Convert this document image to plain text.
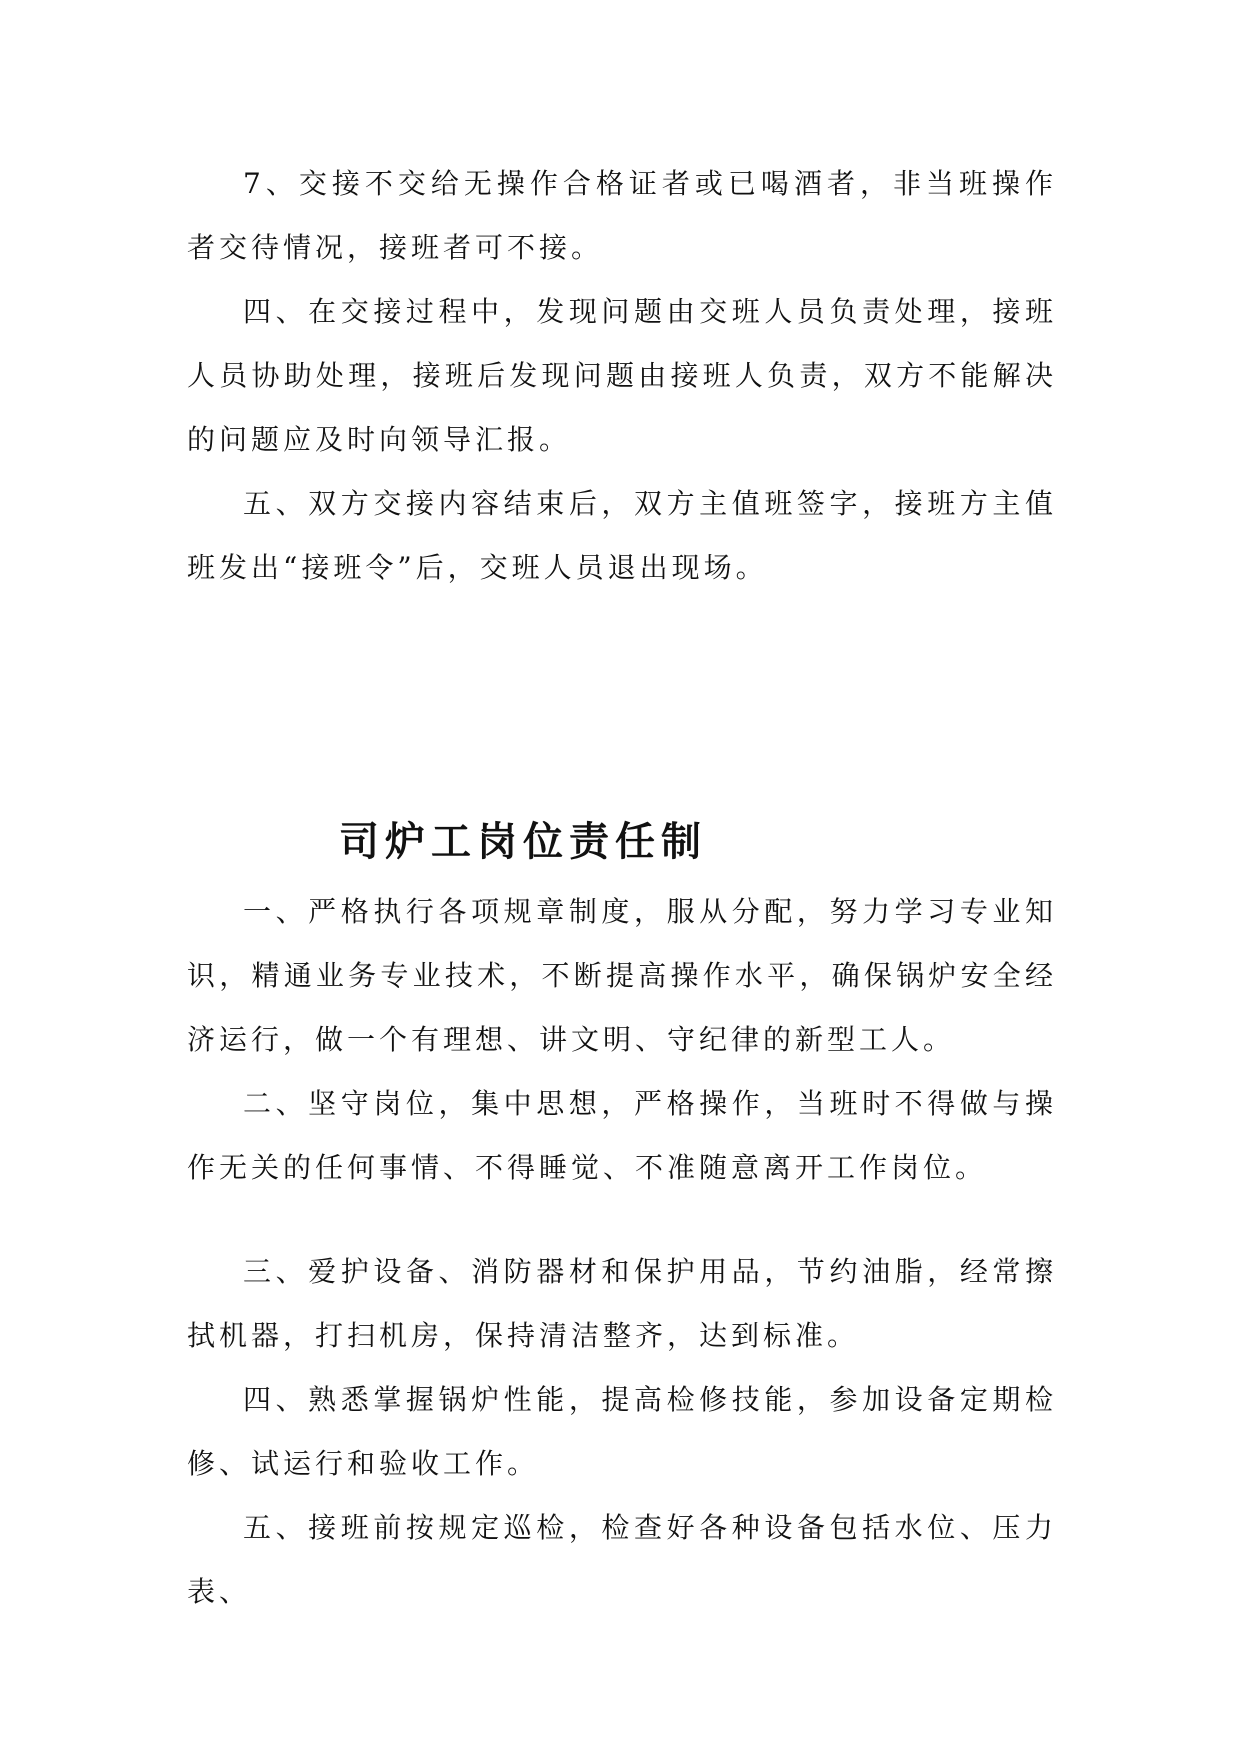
7、交接不交给无操作合格证者或已喝酒者，非当班操作者交待情况，接班者可不接。

四、在交接过程中，发现问题由交班人员负责处理，接班人员协助处理，接班后发现问题由接班人负责，双方不能解决的问题应及时向领导汇报。

五、双方交接内容结束后，双方主值班签字，接班方主值班发出“接班令”后，交班人员退出现场。

司炉工岗位责任制

一、严格执行各项规章制度，服从分配，努力学习专业知识，精通业务专业技术，不断提高操作水平，确保锅炉安全经济运行，做一个有理想、讲文明、守纪律的新型工人。

二、坚守岗位，集中思想，严格操作，当班时不得做与操作无关的任何事情、不得睡觉、不准随意离开工作岗位。

三、爱护设备、消防器材和保护用品，节约油脂，经常擦拭机器，打扫机房，保持清洁整齐，达到标准。

四、熟悉掌握锅炉性能，提高检修技能，参加设备定期检修、试运行和验收工作。

五、接班前按规定巡检，检查好各种设备包括水位、压力表、
